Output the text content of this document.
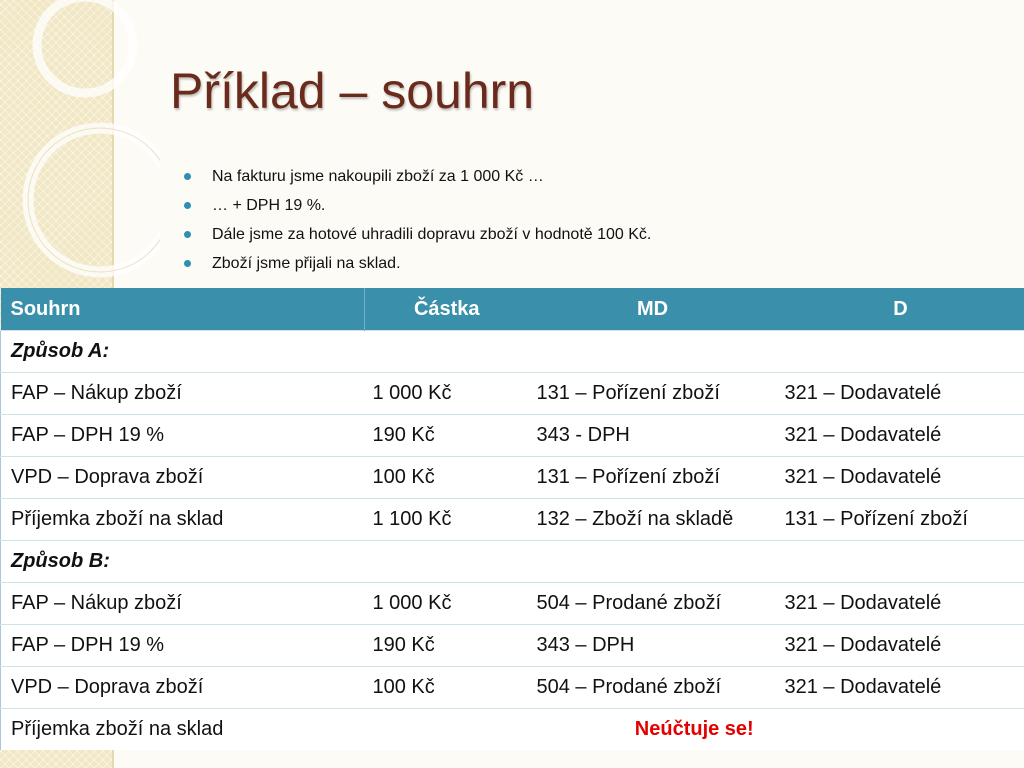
Příklad – souhrn
Na fakturu jsme nakoupili zboží za 1 000 Kč …
… + DPH 19 %.
Dále jsme za hotové uhradili dopravu zboží v hodnotě 100 Kč.
Zboží jsme přijali na sklad.
Souhrn	Částka	MD	D
Způsob A:			
FAP – Nákup zboží	1 000 Kč	131 – Pořízení zboží	321 – Dodavatelé
FAP – DPH 19 %	190 Kč	343 - DPH	321 – Dodavatelé
VPD – Doprava zboží	100 Kč	131 – Pořízení zboží	321 – Dodavatelé
Příjemka zboží na sklad	1 100 Kč	132 – Zboží na skladě	131 – Pořízení zboží
Způsob B:			
FAP – Nákup zboží	1 000 Kč	504 – Prodané zboží	321 – Dodavatelé
FAP – DPH 19 %	190 Kč	343 – DPH	321 – Dodavatelé
VPD – Doprava zboží	100 Kč	504 – Prodané zboží	321 – Dodavatelé
Příjemka zboží na sklad	Neúčtuje se!		
